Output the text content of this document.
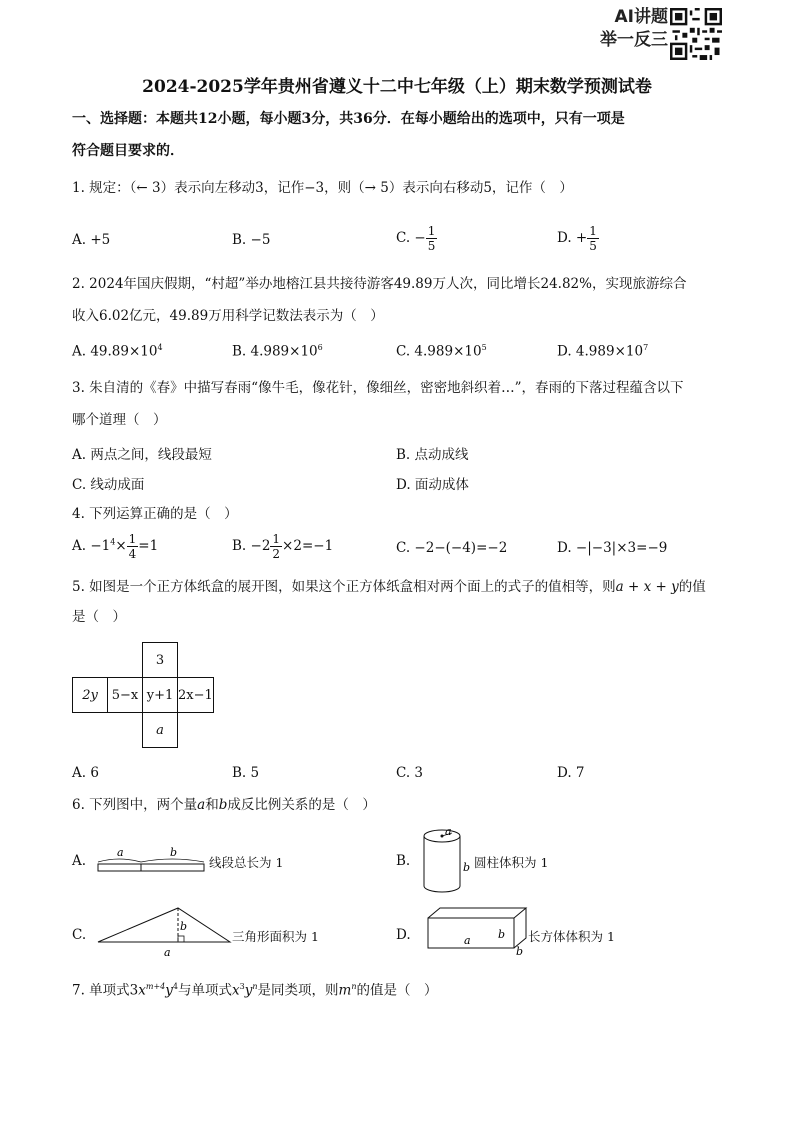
AI讲题
举一反三
2024-2025学年贵州省遵义十二中七年级（上）期末数学预测试卷
一、选择题：本题共12小题，每小题3分，共36分．在每小题给出的选项中，只有一项是
符合题目要求的．
1. 规定：（← 3）表示向左移动3，记作−3，则（→ 5）表示向右移动5，记作（　）
A. +5	B. −5	C. − $\frac{1}{5}$	D. + $\frac{1}{5}$
2. 2024年国庆假期，“村超”举办地榕江县共接待游客49.89万人次，同比增长24.82%，实现旅游综合
收入6.02亿元，49.89万用科学记数法表示为（　）
A. $49.89\times 10^4$	B. $4.989\times 10^6$	C. $4.989\times 10^5$	D. $4.989\times 10^7$
3. 朱自清的《春》中描写春雨“像牛毛，像花针，像细丝，密密地斜织着…”，春雨的下落过程蕴含以下
哪个道理（　）
A. 两点之间，线段最短	B. 点动成线
C. 线动成面	D. 面动成体
4. 下列运算正确的是（　）
A. $-1^4\times \frac{1}{4} =1$	B. $-2 \frac{1}{2} \times 2=-1$	C. −2−(−4)=−2	D. −|−3|×3=−9
5. 如图是一个正方体纸盒的展开图，如果这个正方体纸盒相对两个面上的式子的值相等，则a + x + y的值
是（　）
		3	
2y	5−x	y+1	2x−1
		a	
A. 6	B. 5	C. 3	D. 7
6. 下列图中，两个量a和b成反比例关系的是（　）
A.
a	b
线段总长为 1	B.
a
b 圆柱体积为 1
C.
b
a
三角形面积为 1	D.	a b
b
长方体体积为 1
7. 单项式$3x^{m+4}y^4$与单项式$x^3y^n$是同类项，则$m^n$的值是（　）
